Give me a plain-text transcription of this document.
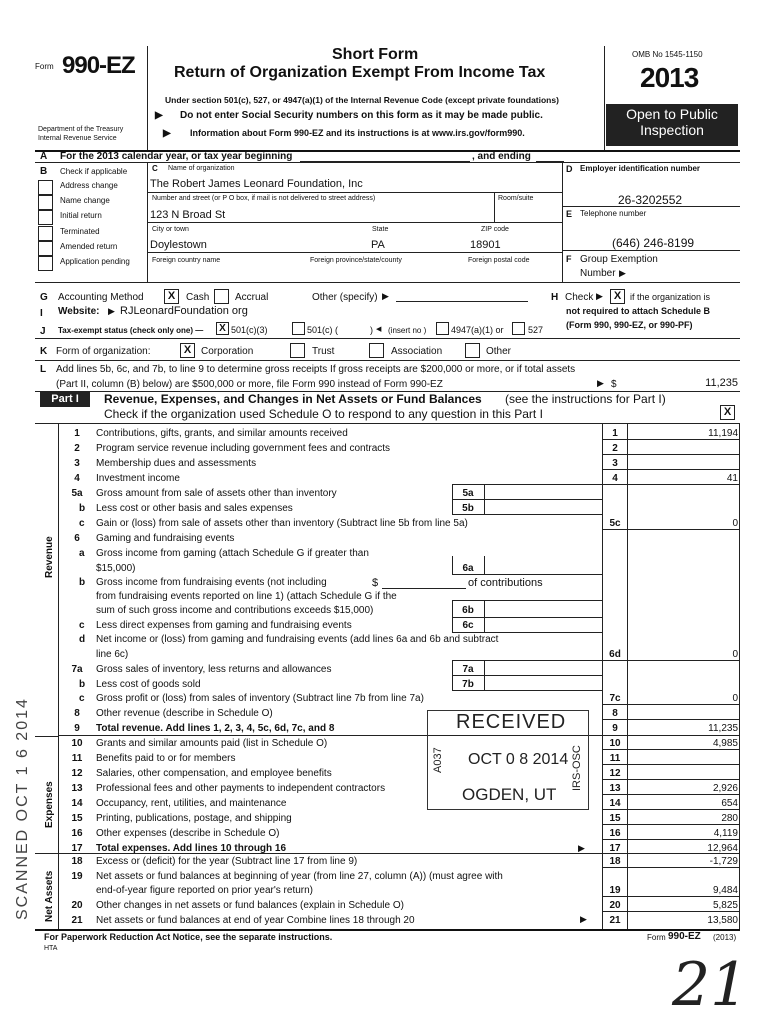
Form 990-EZ
Department of the Treasury
Internal Revenue Service
Short Form
Return of Organization Exempt From Income Tax
Under section 501(c), 527, or 4947(a)(1) of the Internal Revenue Code (except private foundations)
▶ Do not enter Social Security numbers on this form as it may be made public.
▶ Information about Form 990-EZ and its instructions is at www.irs.gov/form990.
OMB No 1545-1150
2013
Open to Public
Inspection
A For the 2013 calendar year, or tax year beginning	, and ending
B Check if applicable
Address change
Name change
Initial return
Terminated
Amended return
Application pending
C Name of organization
The Robert James Leonard Foundation, Inc
Number and street (or P O box, if mail is not delivered to street address)	Room/suite
123 N Broad St
City or town	State	ZIP code
Doylestown	PA	18901
Foreign country name	Foreign province/state/county	Foreign postal code
D Employer identification number
26-3202552
E Telephone number
(646) 246-8199
F Group Exemption
Number ▶
G Accounting Method	X	Cash	Accrual	Other (specify) ▶
I Website: ▶ RJLeonardFoundation org
J Tax-exempt status (check only one) —	X 501(c)(3)	501(c) (	) ◀ (insert no )	4947(a)(1) or	527
H Check ▶ X if the organization is
not required to attach Schedule B
(Form 990, 990-EZ, or 990-PF)
K Form of organization:	X Corporation	Trust	Association	Other
L Add lines 5b, 6c, and 7b, to line 9 to determine gross receipts If gross receipts are $200,000 or more, or if total assets
(Part II, column (B) below) are $500,000 or more, file Form 990 instead of Form 990-EZ	▶ $	11,235
Part I	Revenue, Expenses, and Changes in Net Assets or Fund Balances (see the instructions for Part I)
Check if the organization used Schedule O to respond to any question in this Part I	X
Revenue
Expenses
Net Assets
1	Contributions, gifts, grants, and similar amounts received	1	11,194
2	Program service revenue including government fees and contracts	2
3	Membership dues and assessments	3
4	Investment income	4	41
5a Gross amount from sale of assets other than inventory	5a
b Less cost or other basis and sales expenses	5b
c Gain or (loss) from sale of assets other than inventory (Subtract line 5b from line 5a)	5c	0
6	Gaming and fundraising events
a Gross income from gaming (attach Schedule G if greater than
$15,000)	6a
b Gross income from fundraising events (not including	$	of contributions
from fundraising events reported on line 1) (attach Schedule G if the
sum of such gross income and contributions exceeds $15,000)	6b
c Less direct expenses from gaming and fundraising events	6c
d Net income or (loss) from gaming and fundraising events (add lines 6a and 6b and subtract
line 6c)	6d	0
7a Gross sales of inventory, less returns and allowances	7a
b Less cost of goods sold	7b
c Gross profit or (loss) from sales of inventory (Subtract line 7b from line 7a)	7c	0
8	Other revenue (describe in Schedule O)	8
9	Total revenue. Add lines 1, 2, 3, 4, 5c, 6d, 7c, and 8	9	11,235
10 Grants and similar amounts paid (list in Schedule O)	10	4,985
11 Benefits paid to or for members	11
12 Salaries, other compensation, and employee benefits	12
13 Professional fees and other payments to independent contractors	13	2,926
14 Occupancy, rent, utilities, and maintenance	14	654
15 Printing, publications, postage, and shipping	15	280
16 Other expenses (describe in Schedule O)	16	4,119
17 Total expenses. Add lines 10 through 16	▶	17	12,964
18 Excess or (deficit) for the year (Subtract line 17 from line 9)	18	-1,729
19 Net assets or fund balances at beginning of year (from line 27, column (A)) (must agree with
end-of-year figure reported on prior year's return)	19	9,484
20 Other changes in net assets or fund balances (explain in Schedule O)	20	5,825
21 Net assets or fund balances at end of year Combine lines 18 through 20	▶	21	13,580
RECEIVED
OCT 0 8 2014
A037	IRS-OSC
OGDEN, UT
SCANNED OCT 1 6 2014
For Paperwork Reduction Act Notice, see the separate instructions.
HTA
Form 990-EZ (2013)
21
